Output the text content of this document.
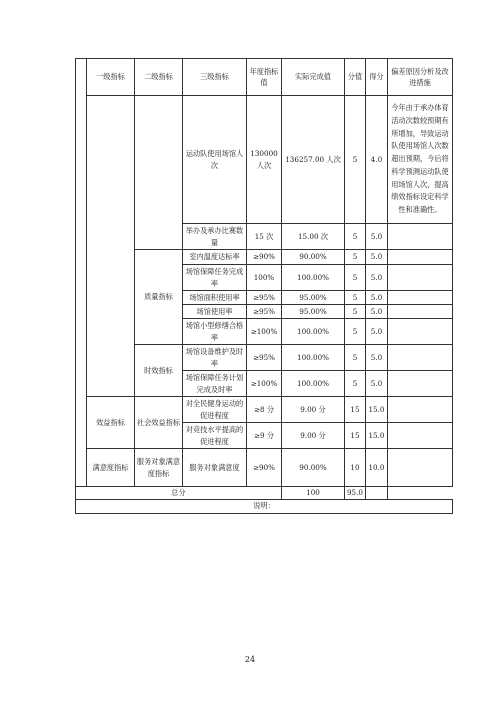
	一级指标	二级指标	三级指标	年度指标值	实际完成值	分值	得分	偏差原因分析及改进措施
			运动队使用场馆人次	130000人次	136257.00 人次	5	4.0	今年由于承办体育活动次数较预期有所增加，导致运动队使用场馆人次数超出预期，今后将科学预测运动队使用场馆人次，提高绩效指标设定科学性和准确性。
			举办及承办比赛数量	15 次	15.00 次	5	5.0	
		质量指标	室内温度达标率	≥90%	90.00%	5	5.0	
			场馆保障任务完成率	100%	100.00%	5	5.0	
			场馆面积使用率	≥95%	95.00%	5	5.0	
			场馆使用率	≥95%	95.00%	5	5.0	
			场馆小型修缮合格率	≥100%	100.00%	5	5.0	
		时效指标	场馆设备维护及时率	≥95%	100.00%	5	5.0	
			场馆保障任务计划完成及时率	≥100%	100.00%	5	5.0	
	效益指标	社会效益指标	对全民健身运动的促进程度	≥8 分	9.00 分	15	15.0	
			对竞技水平提高的促进程度	≥9 分	9.00 分	15	15.0	
	满意度指标	服务对象满意度指标	服务对象满意度	≥90%	90.00%	10	10.0	
总分					100	95.0		
说明：								
24
